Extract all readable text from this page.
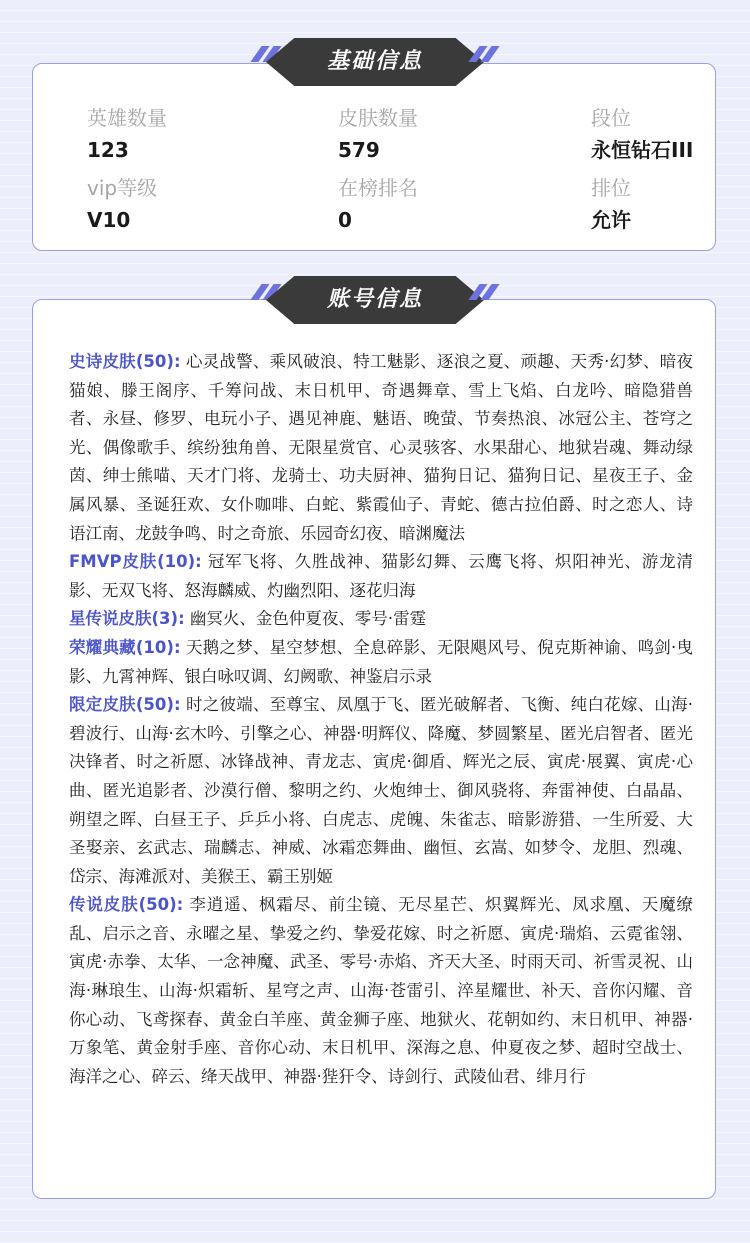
英雄数量
123
皮肤数量
579
段位
永恒钻石III
vip等级
V10
在榜排名
0
排位
允许
基础信息

史诗皮肤(50): 心灵战警、乘风破浪、特工魅影、逐浪之夏、顽趣、天秀·幻梦、暗夜猫娘、滕王阁序、千筹问战、末日机甲、奇遇舞章、雪上飞焰、白龙吟、暗隐猎兽者、永昼、修罗、电玩小子、遇见神鹿、魅语、晚萤、节奏热浪、冰冠公主、苍穹之光、偶像歌手、缤纷独角兽、无限星赏官、心灵骇客、水果甜心、地狱岩魂、舞动绿茵、绅士熊喵、天才门将、龙骑士、功夫厨神、猫狗日记、猫狗日记、星夜王子、金属风暴、圣诞狂欢、女仆咖啡、白蛇、紫霞仙子、青蛇、德古拉伯爵、时之恋人、诗语江南、龙鼓争鸣、时之奇旅、乐园奇幻夜、暗渊魔法

FMVP皮肤(10): 冠军飞将、久胜战神、猫影幻舞、云鹰飞将、炽阳神光、游龙清影、无双飞将、怒海麟威、灼幽烈阳、逐花归海

星传说皮肤(3): 幽冥火、金色仲夏夜、零号·雷霆

荣耀典藏(10): 天鹅之梦、星空梦想、全息碎影、无限飓风号、倪克斯神谕、鸣剑·曳影、九霄神辉、银白咏叹调、幻阙歌、神鉴启示录

限定皮肤(50): 时之彼端、至尊宝、凤凰于飞、匿光破解者、飞衡、纯白花嫁、山海·碧波行、山海·玄木吟、引擎之心、神器·明辉仪、降魔、梦圆繁星、匿光启智者、匿光决锋者、时之祈愿、冰锋战神、青龙志、寅虎·御盾、辉光之辰、寅虎·展翼、寅虎·心曲、匿光追影者、沙漠行僧、黎明之约、火炮绅士、御风骁将、奔雷神使、白晶晶、朔望之晖、白昼王子、乒乒小将、白虎志、虎魄、朱雀志、暗影游猎、一生所爱、大圣娶亲、玄武志、瑞麟志、神威、冰霜恋舞曲、幽恒、玄嵩、如梦令、龙胆、烈魂、岱宗、海滩派对、美猴王、霸王别姬

传说皮肤(50): 李逍遥、枫霜尽、前尘镜、无尽星芒、炽翼辉光、凤求凰、天魔缭乱、启示之音、永曜之星、挚爱之约、挚爱花嫁、时之祈愿、寅虎·瑞焰、云霓雀翎、寅虎·赤拳、太华、一念神魔、武圣、零号·赤焰、齐天大圣、时雨天司、祈雪灵祝、山海·琳琅生、山海·炽霜斩、星穹之声、山海·苍雷引、淬星耀世、补天、音你闪耀、音你心动、飞鸢探春、黄金白羊座、黄金狮子座、地狱火、花朝如约、末日机甲、神器·万象笔、黄金射手座、音你心动、末日机甲、深海之息、仲夏夜之梦、超时空战士、海洋之心、碎云、绛天战甲、神器·狴犴令、诗剑行、武陵仙君、绯月行

账号信息
